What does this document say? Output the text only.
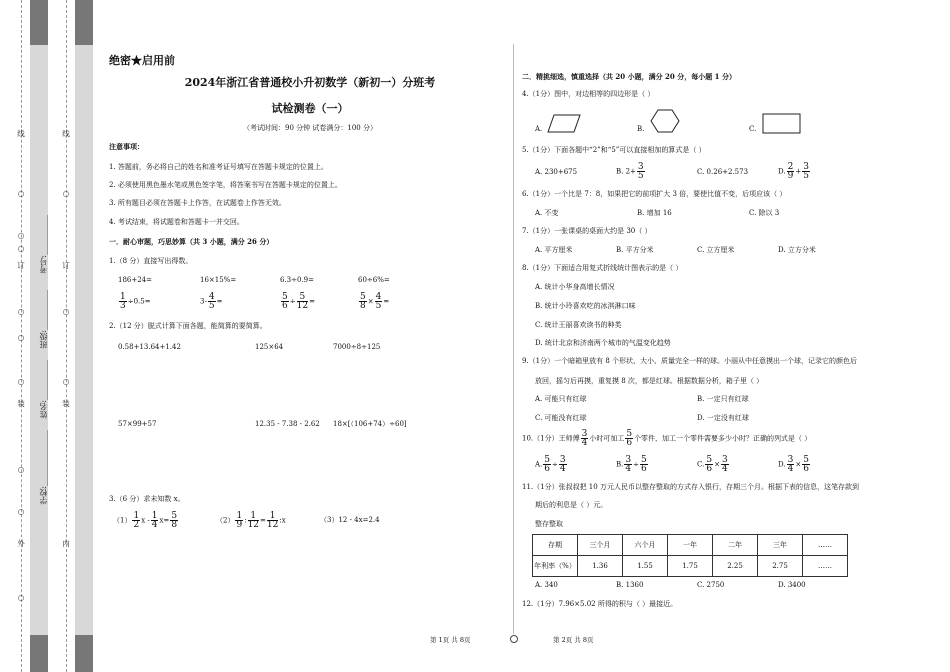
线
○
○
○
订
○
○
○
装
○
○
○
外
线
○
订
○
○
装
内
学校:______________
姓名:__________
班级:__________
考号:__________
绝密★启用前
2024年浙江省普通校小升初数学（新初一）分班考
试检测卷（一）
（考试时间：90 分钟 试卷满分：100 分）
注意事项：
1. 答题前，务必将自己的姓名和准考证号填写在答题卡规定的位置上。
2. 必须使用黑色墨水笔或黑色签字笔，将答案书写在答题卡规定的位置上。
3. 所有题目必须在答题卡上作答，在试题卷上作答无效。
4. 考试结束，将试题卷和答题卡一并交回。
一．耐心审题，巧思妙算（共 3 小题，满分 26 分）
1.（8 分）直接写出得数。
186+24=	16×15%=	6.3÷0.9=	60÷6%=
$\frac{1}{3} \div 0.5=$	$3- \frac{4}{5}$ =	$\frac{5}{6} \div \frac{5}{12}$ =	$\frac{5}{8} \times \frac{4}{5}$ =
2.（12 分）脱式计算下面各题，能简算的要简算。
0.58+13.64+1.42	125×64	7000÷8÷125
57×99+57	12.35 - 7.38 - 2.62 18×[（106+74）÷60]
3.（6 分）求未知数 x。
$(1) \frac{1}{2}$ $x - \frac{1}{4} x= \frac{5}{8}$	$(2) \frac{1}{9}$ : $\frac{1}{12} = \frac{1}{12}$ :x	（3）12 - 4x=2.4
二．精挑细选，慎重选择（共 20 小题，满分 20 分，每小题 1 分）
4.（1分）图中，对边相等的四边形是（ ）
A.	B.	C.
5.（1分）下面各题中“2”和“5”可以直接相加的算式是（ ）
A. 230+675	B. $2+ \frac{3}{5}$	C. 0.26+2.573	D. $\frac{2}{9} + \frac{3}{5}$
6.（1分）一个比是 7：8，如果把它的前项扩大 3 倍，要使比值不变，后项应该（ ）
A. 不变	B. 增加 16	C. 除以 3
7.（1分）一张课桌的桌面大约是 30（ ）
A. 平方厘米	B. 平方分米	C. 立方厘米	D. 立方分米
8.（1分）下面适合用复式折线统计图表示的是（ ）
A. 统计小华身高增长情况
B. 统计小玲喜欢吃的冰淇淋口味
C. 统计王丽喜欢读书的种类
D. 统计北京和济南两个城市的气温变化趋势
9.（1分）一个暗箱里放有 8 个形状、大小、质量完全一样的球。小丽从中任意摸出一个球，记录它的颜色后
放回，摇匀后再摸，重复摸 8 次，都是红球。根据数据分析，箱子里（ ）
A. 可能只有红球	B. 一定只有红球
C. 可能没有红球	D. 一定没有红球
10.（1分）王师傅 $\frac{3}{4}$ 小时可加工 $\frac{5}{6}$ 个零件，加工一个零件需要多少小时？正确的列式是（ ）
A. $\frac{5}{6} \div \frac{3}{4}$	B. $\frac{3}{4} \div \frac{5}{6}$	C. $\frac{5}{6} \times \frac{3}{4}$	D. $\frac{3}{4} \times \frac{5}{6}$
11.（1分）张叔叔把 10 万元人民币以整存整取的方式存入银行，存期三个月。根据下表的信息，这笔存款到
期后的利息是（ ）元。
整存整取
存期	三个月	六个月	一年	二年	三年	……
年利率（%）	1.36	1.55	1.75	2.25	2.75	……
A. 340	B. 1360	C. 2750	D. 3400
12.（1分）7.96×5.02 所得的积与（ ）最接近。
第 1页 共 8页	第 2页 共 8页
